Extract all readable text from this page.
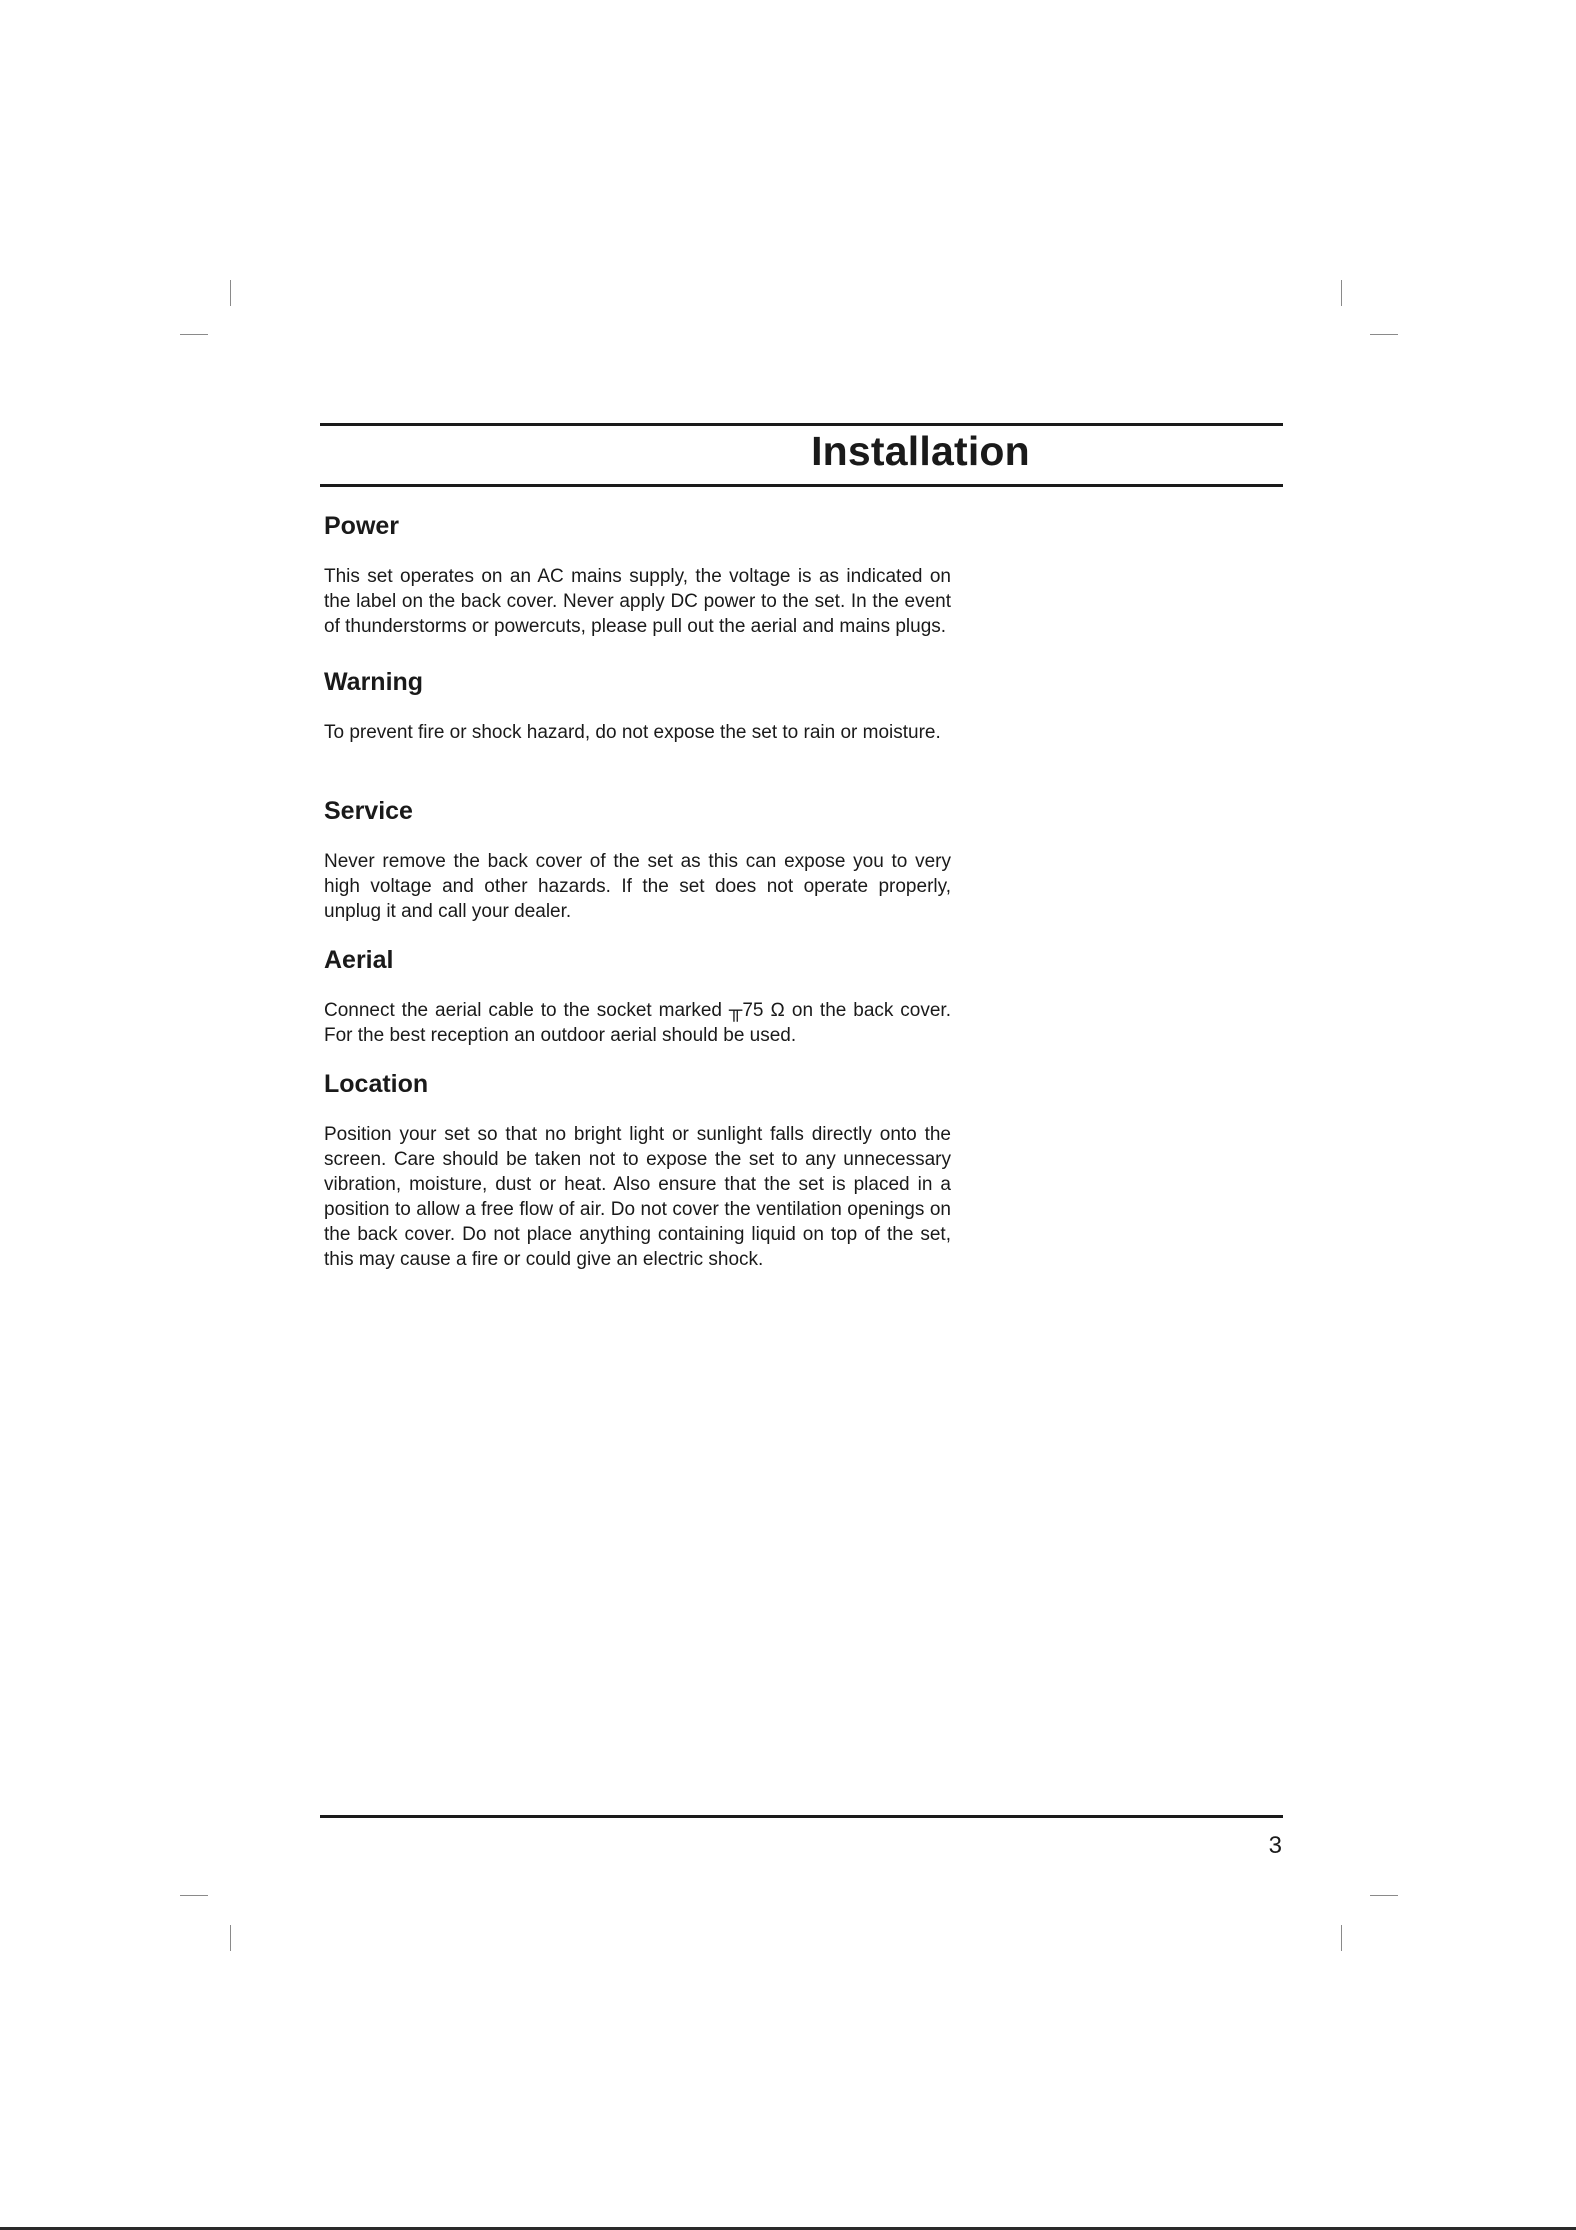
Installation
Power

This set operates on an AC mains supply, the voltage is as indicated on the label on the back cover. Never apply DC power to the set. In the event of thunderstorms or powercuts, please pull out the aerial and mains plugs.

Warning

To prevent fire or shock hazard, do not expose the set to rain or moisture.

Service

Never remove the back cover of the set as this can expose you to very high voltage and other hazards. If the set does not operate properly, unplug it and call your dealer.

Aerial

Connect the aerial cable to the socket marked ╥75 Ω on the back cover. For the best reception an outdoor aerial should be used.

Location

Position your set so that no bright light or sunlight falls directly onto the screen. Care should be taken not to expose the set to any unnecessary vibration, moisture, dust or heat. Also ensure that the set is placed in a position to allow a free flow of air. Do not cover the ventilation openings on the back cover. Do not place anything containing liquid on top of the set, this may cause a fire or could give an electric shock.

3
